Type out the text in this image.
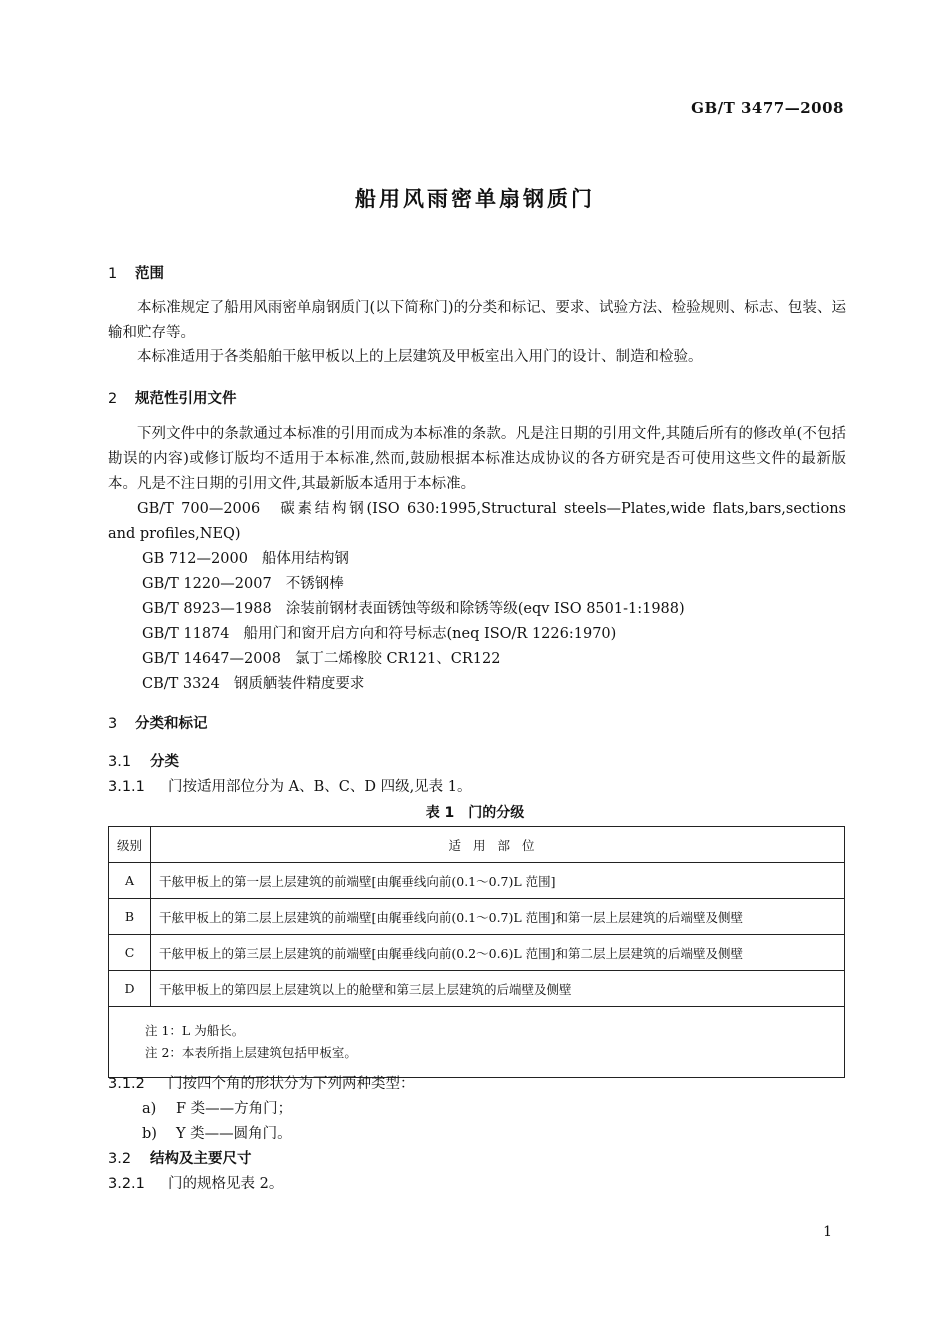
GB/T 3477—2008
船用风雨密单扇钢质门
1 范围
本标准规定了船用风雨密单扇钢质门(以下简称门)的分类和标记、要求、试验方法、检验规则、标志、包装、运输和贮存等。
本标准适用于各类船舶干舷甲板以上的上层建筑及甲板室出入用门的设计、制造和检验。
2 规范性引用文件
下列文件中的条款通过本标准的引用而成为本标准的条款。凡是注日期的引用文件,其随后所有的修改单(不包括勘误的内容)或修订版均不适用于本标准,然而,鼓励根据本标准达成协议的各方研究是否可使用这些文件的最新版本。凡是不注日期的引用文件,其最新版本适用于本标准。
GB/T 700—2006　 碳素结构钢(ISO 630:1995,Structural steels—Plates,wide flats,bars,sections and profiles,NEQ)
GB 712—2000 船体用结构钢
GB/T 1220—2007 不锈钢棒
GB/T 8923—1988 涂装前钢材表面锈蚀等级和除锈等级(eqv ISO 8501-1:1988)
GB/T 11874 船用门和窗开启方向和符号标志(neq ISO/R 1226:1970)
GB/T 14647—2008 氯丁二烯橡胶 CR121、CR122
CB/T 3324 钢质舾装件精度要求
3 分类和标记
3.1 分类
3.1.1 门按适用部位分为 A、B、C、D 四级,见表 1。
表 1　门的分级
级别	适用部位
A	干舷甲板上的第一层上层建筑的前端壁[由艉垂线向前(0.1～0.7)L 范围]
B	干舷甲板上的第二层上层建筑的前端壁[由艉垂线向前(0.1～0.7)L 范围]和第一层上层建筑的后端壁及侧壁
C	干舷甲板上的第三层上层建筑的前端壁[由艉垂线向前(0.2～0.6)L 范围]和第二层上层建筑的后端壁及侧壁
D	干舷甲板上的第四层上层建筑以上的舱壁和第三层上层建筑的后端壁及侧壁

注 1：L 为船长。
注 2：本表所指上层建筑包括甲板室。	
3.1.2 门按四个角的形状分为下列两种类型：
a) F 类——方角门；
b) Y 类——圆角门。
3.2 结构及主要尺寸
3.2.1 门的规格见表 2。
1
